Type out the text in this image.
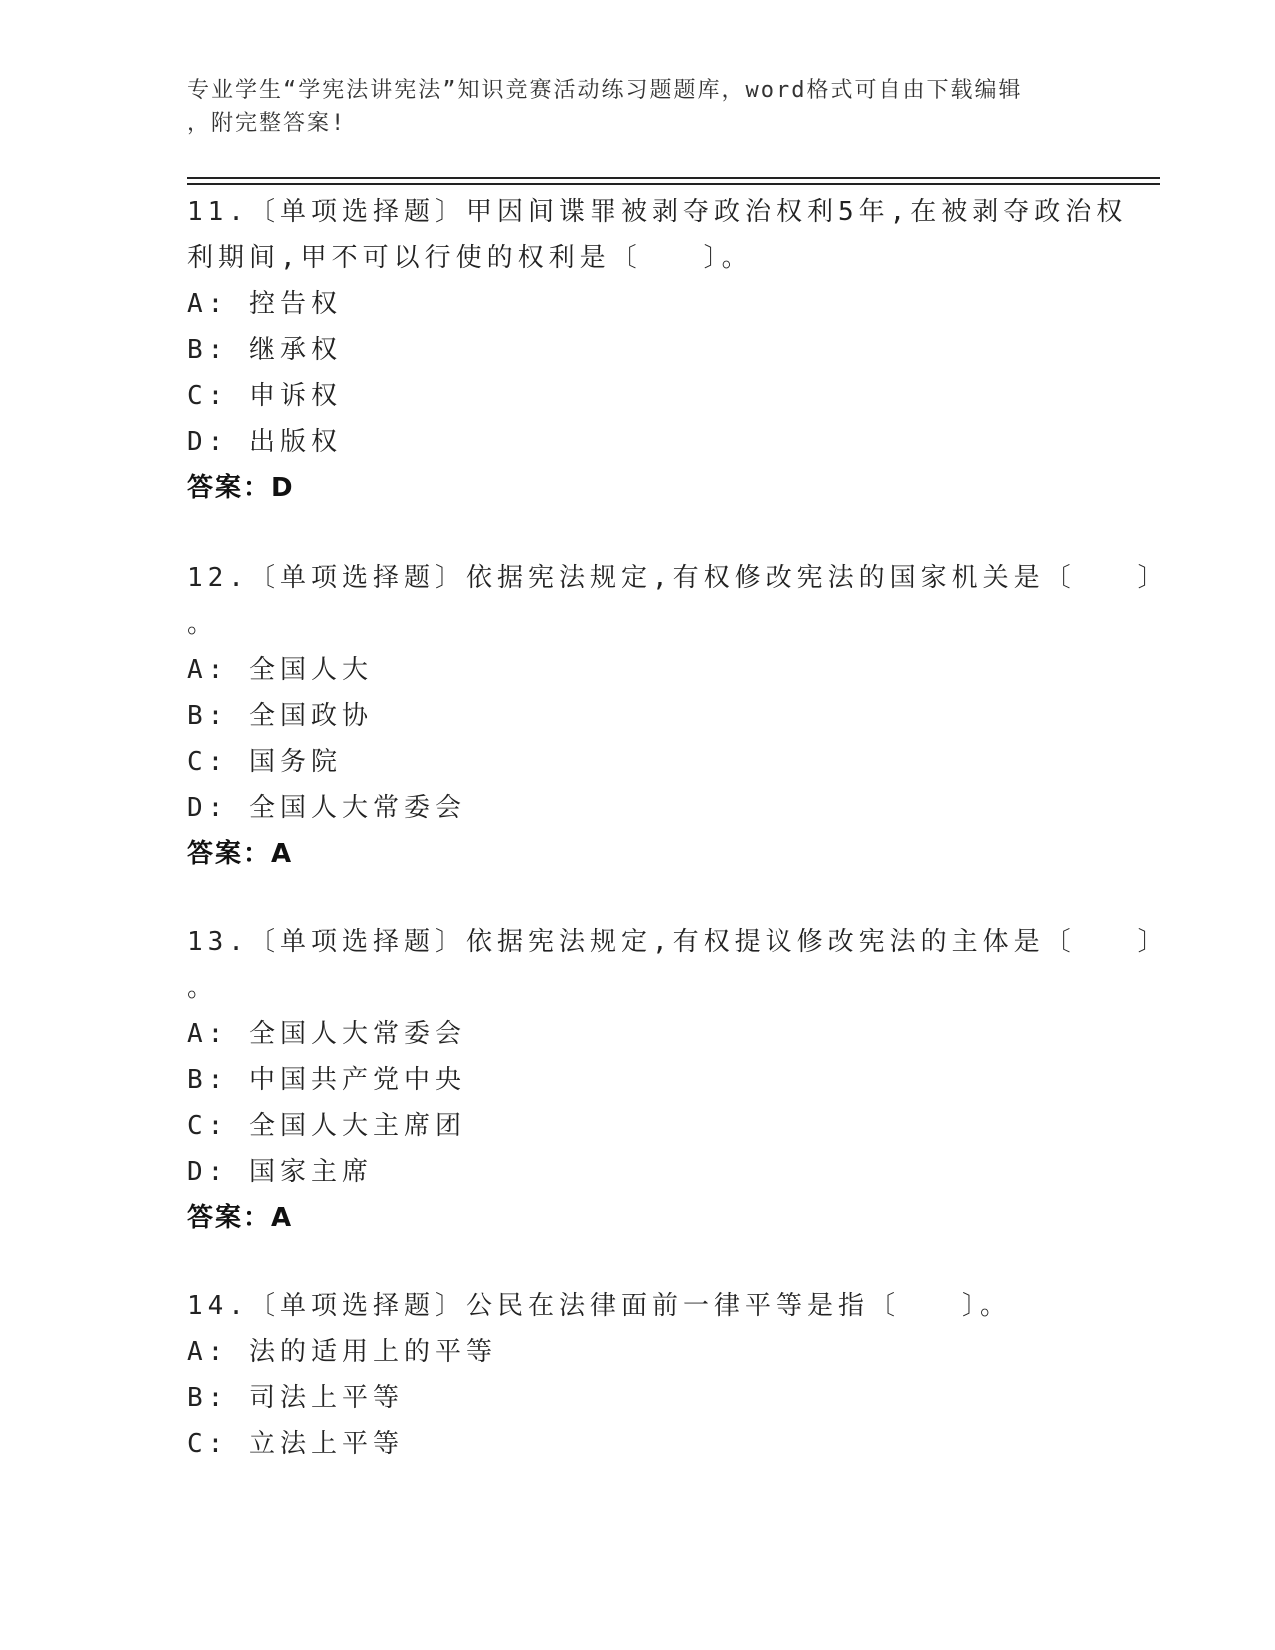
专业学生“学宪法讲宪法”知识竞赛活动练习题题库，word格式可自由下载编辑
，附完整答案!
11.〔单项选择题〕甲因间谍罪被剥夺政治权利5年,在被剥夺政治权
利期间,甲不可以行使的权利是〔　　〕。
A: 控告权
B: 继承权
C: 申诉权
D: 出版权
答案：D
12.〔单项选择题〕依据宪法规定,有权修改宪法的国家机关是〔　　〕
。
A: 全国人大
B: 全国政协
C: 国务院
D: 全国人大常委会
答案：A
13.〔单项选择题〕依据宪法规定,有权提议修改宪法的主体是〔　　〕
。
A: 全国人大常委会
B: 中国共产党中央
C: 全国人大主席团
D: 国家主席
答案：A
14.〔单项选择题〕公民在法律面前一律平等是指〔　　〕。
A: 法的适用上的平等
B: 司法上平等
C: 立法上平等
